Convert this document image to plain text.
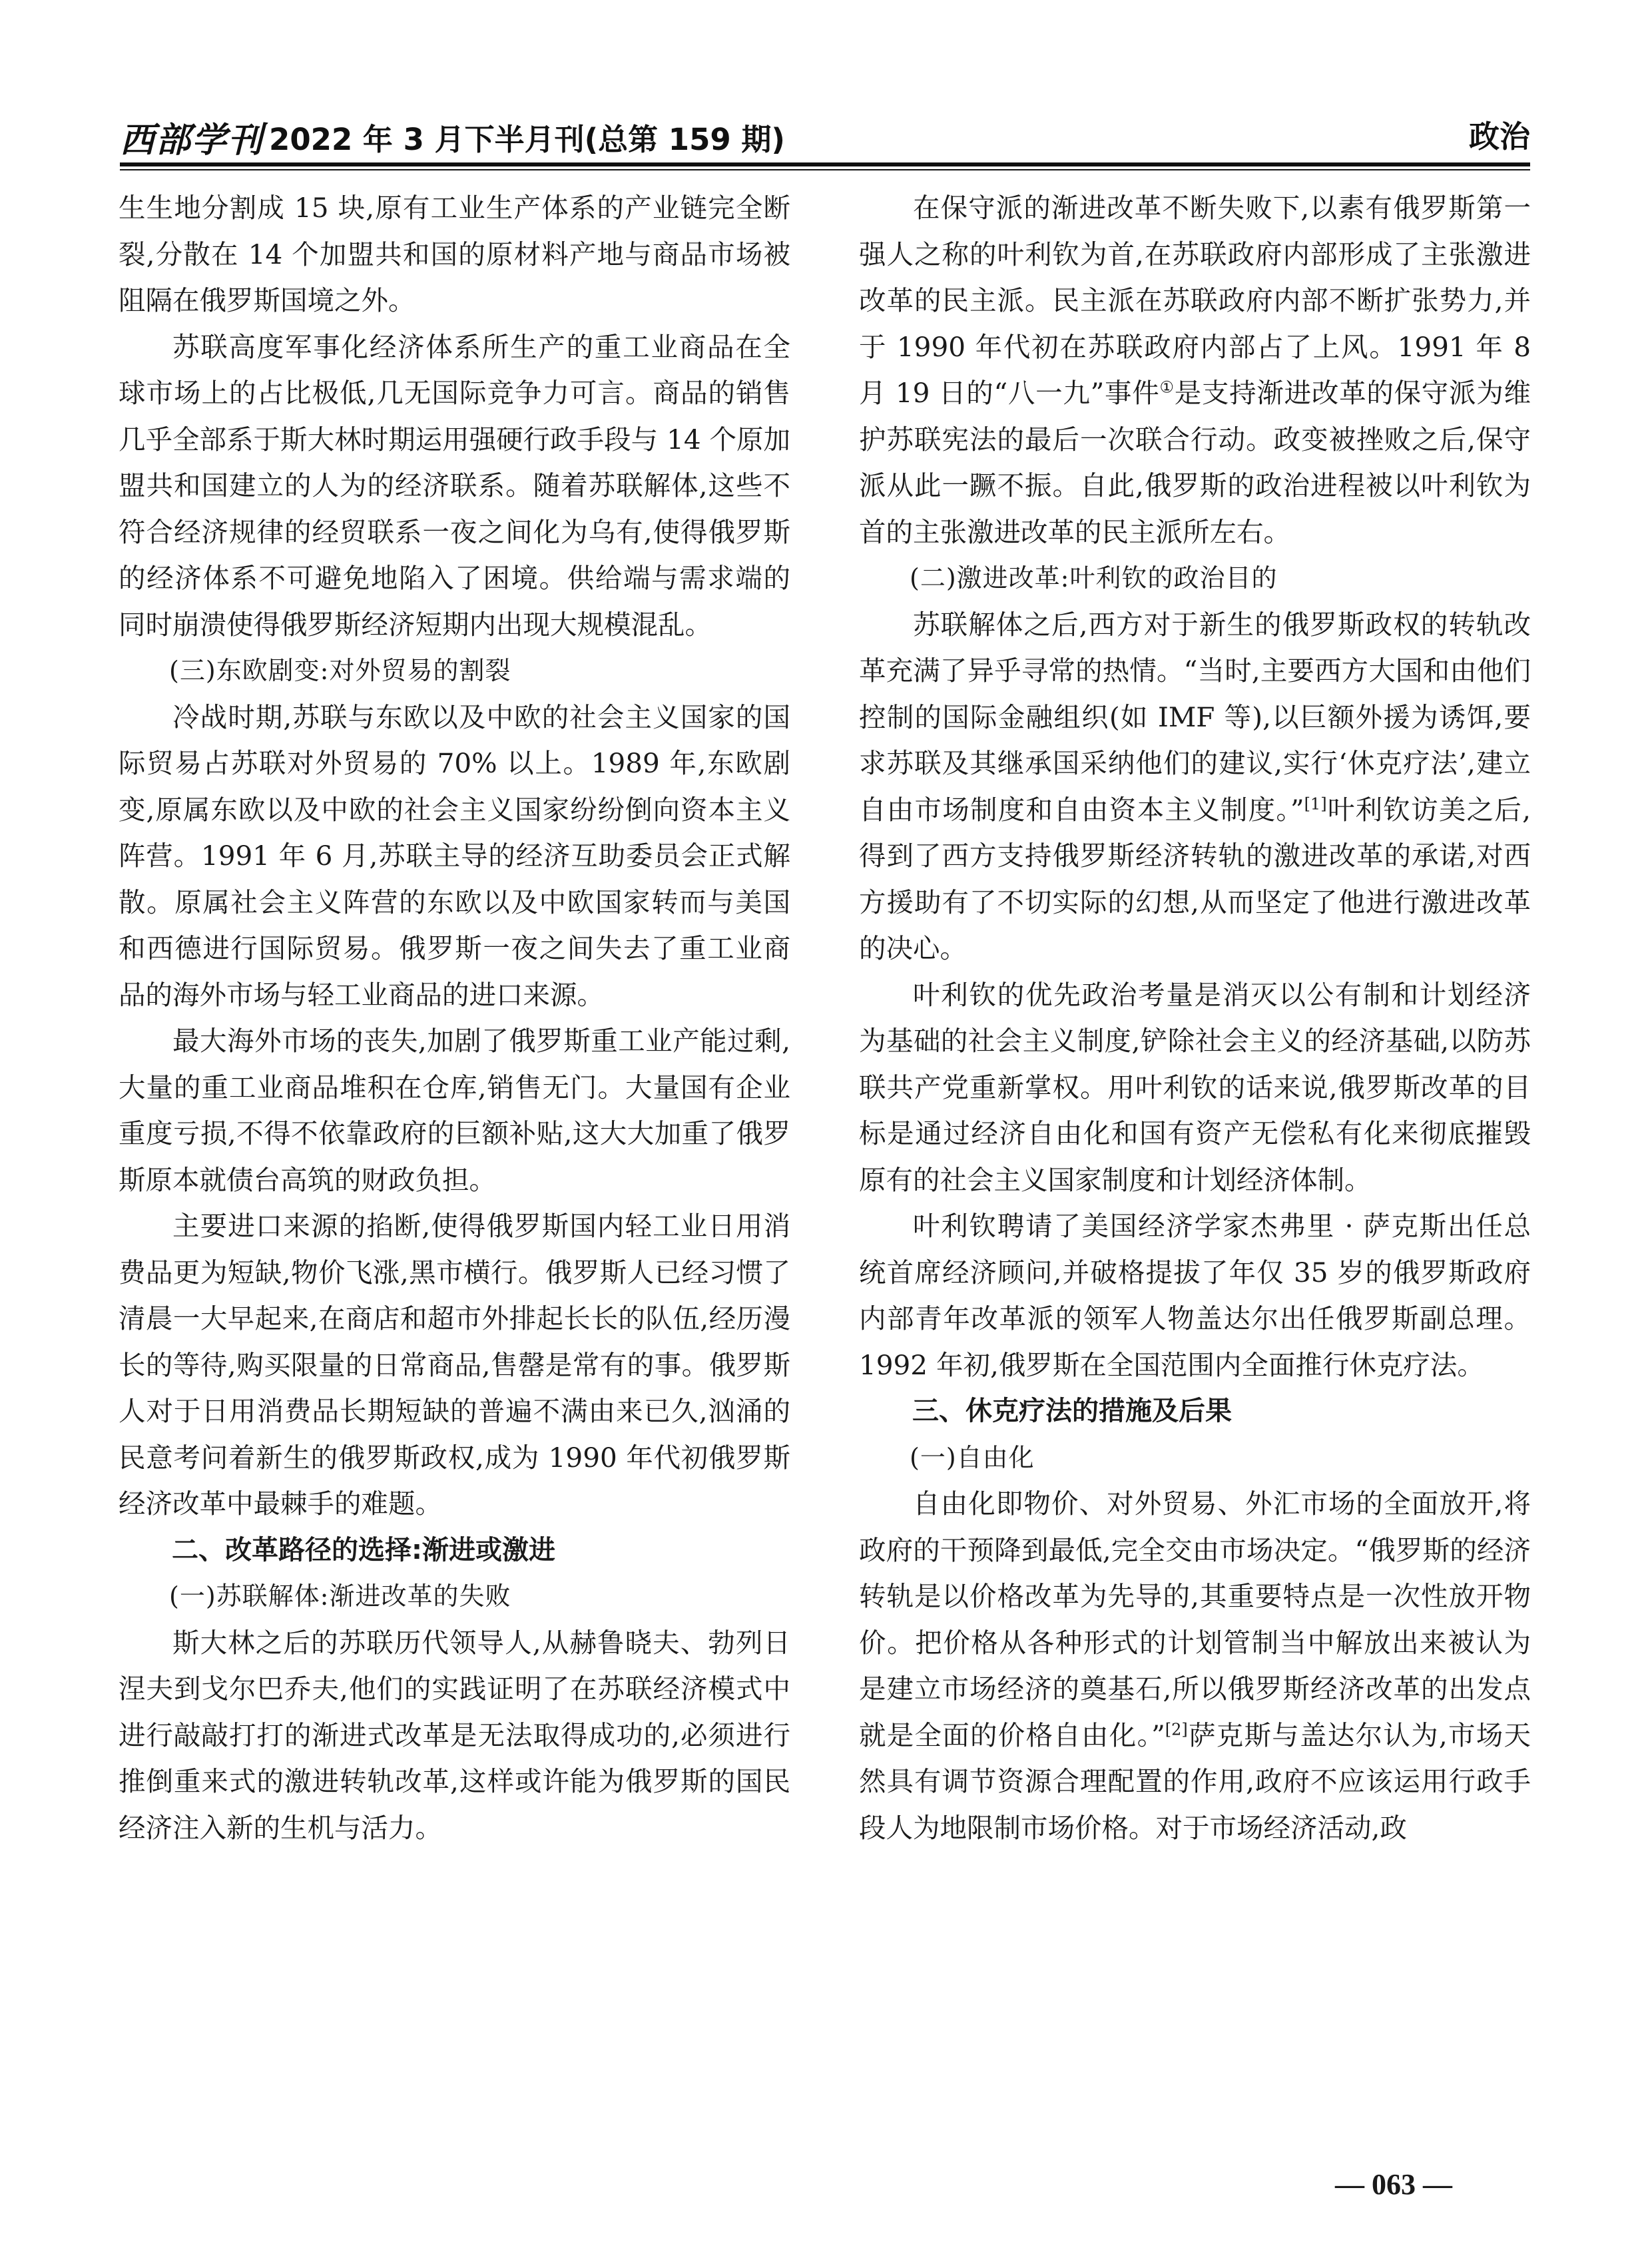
西部学刊 2022 年 3 月下半月刊(总第 159 期)	政治

生生地分割成 15 块,原有工业生产体系的产业链完全断裂,分散在 14 个加盟共和国的原材料产地与商品市场被阻隔在俄罗斯国境之外。

苏联高度军事化经济体系所生产的重工业商品在全球市场上的占比极低,几无国际竞争力可言。商品的销售几乎全部系于斯大林时期运用强硬行政手段与 14 个原加盟共和国建立的人为的经济联系。随着苏联解体,这些不符合经济规律的经贸联系一夜之间化为乌有,使得俄罗斯的经济体系不可避免地陷入了困境。供给端与需求端的同时崩溃使得俄罗斯经济短期内出现大规模混乱。

(三)东欧剧变:对外贸易的割裂

冷战时期,苏联与东欧以及中欧的社会主义国家的国际贸易占苏联对外贸易的 70% 以上。1989 年,东欧剧变,原属东欧以及中欧的社会主义国家纷纷倒向资本主义阵营。1991 年 6 月,苏联主导的经济互助委员会正式解散。原属社会主义阵营的东欧以及中欧国家转而与美国和西德进行国际贸易。俄罗斯一夜之间失去了重工业商品的海外市场与轻工业商品的进口来源。

最大海外市场的丧失,加剧了俄罗斯重工业产能过剩,大量的重工业商品堆积在仓库,销售无门。大量国有企业重度亏损,不得不依靠政府的巨额补贴,这大大加重了俄罗斯原本就债台高筑的财政负担。

主要进口来源的掐断,使得俄罗斯国内轻工业日用消费品更为短缺,物价飞涨,黑市横行。俄罗斯人已经习惯了清晨一大早起来,在商店和超市外排起长长的队伍,经历漫长的等待,购买限量的日常商品,售罄是常有的事。俄罗斯人对于日用消费品长期短缺的普遍不满由来已久,汹涌的民意考问着新生的俄罗斯政权,成为 1990 年代初俄罗斯经济改革中最棘手的难题。

二、改革路径的选择:渐进或激进
(一)苏联解体:渐进改革的失败

斯大林之后的苏联历代领导人,从赫鲁晓夫、勃列日涅夫到戈尔巴乔夫,他们的实践证明了在苏联经济模式中进行敲敲打打的渐进式改革是无法取得成功的,必须进行推倒重来式的激进转轨改革,这样或许能为俄罗斯的国民经济注入新的生机与活力。

在保守派的渐进改革不断失败下,以素有俄罗斯第一强人之称的叶利钦为首,在苏联政府内部形成了主张激进改革的民主派。民主派在苏联政府内部不断扩张势力,并于 1990 年代初在苏联政府内部占了上风。1991 年 8 月 19 日的“八一九”事件①是支持渐进改革的保守派为维护苏联宪法的最后一次联合行动。政变被挫败之后,保守派从此一蹶不振。自此,俄罗斯的政治进程被以叶利钦为首的主张激进改革的民主派所左右。

(二)激进改革:叶利钦的政治目的

苏联解体之后,西方对于新生的俄罗斯政权的转轨改革充满了异乎寻常的热情。“当时,主要西方大国和由他们控制的国际金融组织(如 IMF 等),以巨额外援为诱饵,要求苏联及其继承国采纳他们的建议,实行‘休克疗法’,建立自由市场制度和自由资本主义制度。”[1]叶利钦访美之后,得到了西方支持俄罗斯经济转轨的激进改革的承诺,对西方援助有了不切实际的幻想,从而坚定了他进行激进改革的决心。

叶利钦的优先政治考量是消灭以公有制和计划经济为基础的社会主义制度,铲除社会主义的经济基础,以防苏联共产党重新掌权。用叶利钦的话来说,俄罗斯改革的目标是通过经济自由化和国有资产无偿私有化来彻底摧毁原有的社会主义国家制度和计划经济体制。

叶利钦聘请了美国经济学家杰弗里 · 萨克斯出任总统首席经济顾问,并破格提拔了年仅 35 岁的俄罗斯政府内部青年改革派的领军人物盖达尔出任俄罗斯副总理。1992 年初,俄罗斯在全国范围内全面推行休克疗法。

三、休克疗法的措施及后果
(一)自由化

自由化即物价、对外贸易、外汇市场的全面放开,将政府的干预降到最低,完全交由市场决定。“俄罗斯的经济转轨是以价格改革为先导的,其重要特点是一次性放开物价。把价格从各种形式的计划管制当中解放出来被认为是建立市场经济的奠基石,所以俄罗斯经济改革的出发点就是全面的价格自由化。”[2]萨克斯与盖达尔认为,市场天然具有调节资源合理配置的作用,政府不应该运用行政手段人为地限制市场价格。对于市场经济活动,政

— 063 —
